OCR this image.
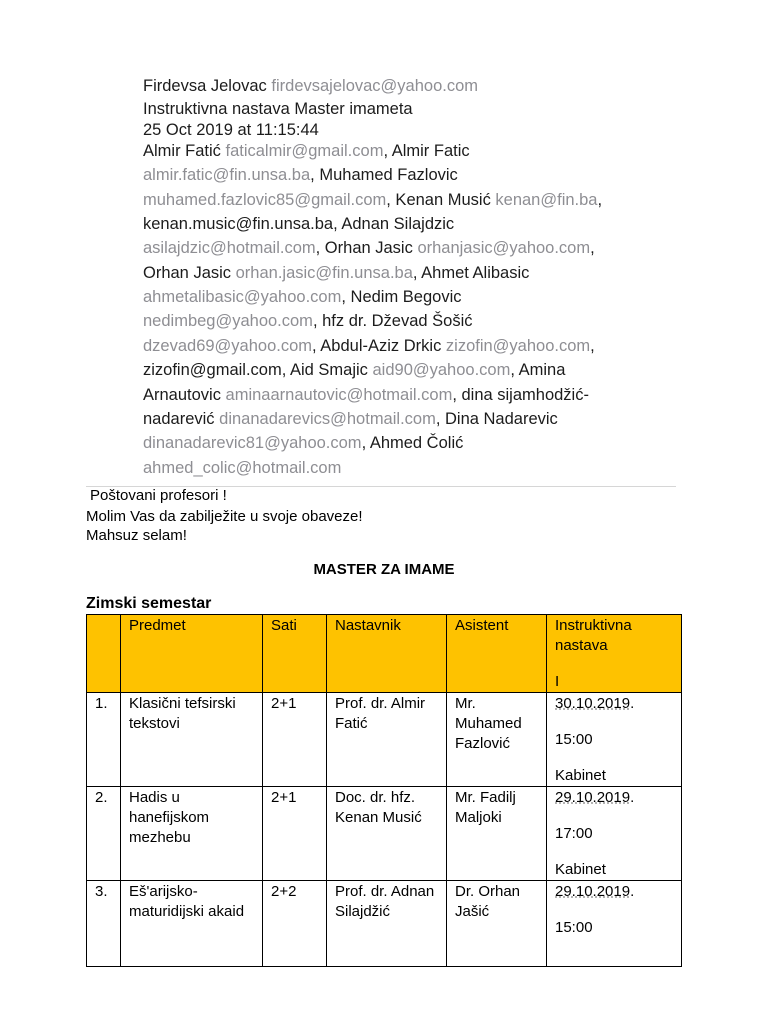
Firdevsa Jelovac firdevsajelovac@yahoo.com
Instruktivna nastava Master imameta
25 Oct 2019 at 11:15:44
Almir Fatić faticalmir@gmail.com, Almir Fatic
almir.fatic@fin.unsa.ba, Muhamed Fazlovic
muhamed.fazlovic85@gmail.com, Kenan Musić kenan@fin.ba,
kenan.music@fin.unsa.ba, Adnan Silajdzic
asilajdzic@hotmail.com, Orhan Jasic orhanjasic@yahoo.com,
Orhan Jasic orhan.jasic@fin.unsa.ba, Ahmet Alibasic
ahmetalibasic@yahoo.com, Nedim Begovic
nedimbeg@yahoo.com, hfz dr. Dževad Šošić
dzevad69@yahoo.com, Abdul-Aziz Drkic zizofin@yahoo.com,
zizofin@gmail.com, Aid Smajic aid90@yahoo.com, Amina
Arnautovic aminaarnautovic@hotmail.com, dina sijamhodžić-
nadarević dinanadarevics@hotmail.com, Dina Nadarevic
dinanadarevic81@yahoo.com, Ahmed Čolić
ahmed_colic@hotmail.com
Poštovani profesori !
Molim Vas da zabilježite u svoje obaveze!
Mahsuz selam!
MASTER ZA IMAME
Zimski semestar
	Predmet	Sati	Nastavnik	Asistent	Instruktivna nastava
I
1.	Klasični tefsirski tekstovi	2+1	Prof. dr. Almir Fatić	Mr. Muhamed Fazlović	30.10.2019.
15:00
Kabinet
2.	Hadis u hanefijskom mezhebu	2+1	Doc. dr. hfz. Kenan Musić	Mr. Fadilj Maljoki	29.10.2019.
17:00
Kabinet
3.	Eš'arijsko-maturidijski akaid	2+2	Prof. dr. Adnan Silajdžić	Dr. Orhan Jašić	29.10.2019.
15:00
